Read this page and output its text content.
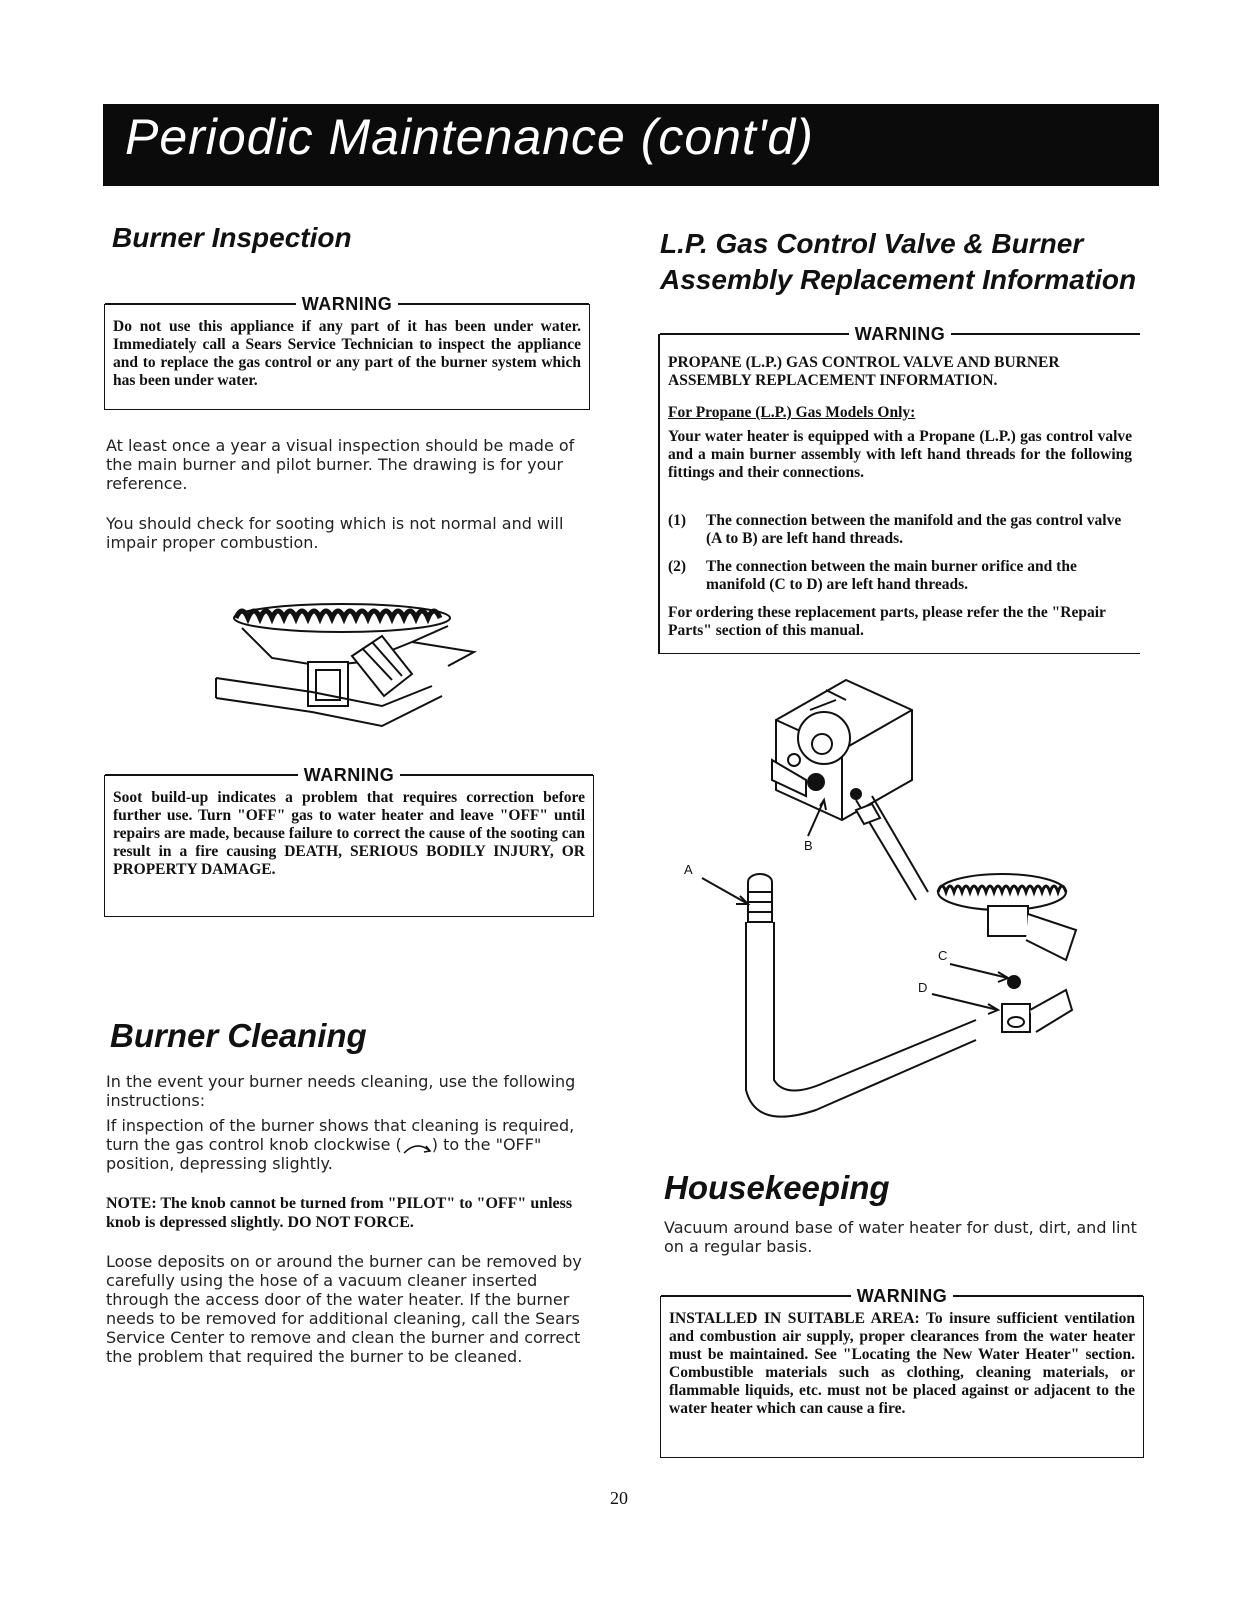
Periodic Maintenance (cont'd)
Burner Inspection
WARNING

Do not use this appliance if any part of it has been under water. Immediately call a Sears Service Technician to inspect the appliance and to replace the gas control or any part of the burner system which has been under water.

At least once a year a visual inspection should be made of the main burner and pilot burner. The drawing is for your reference.

You should check for sooting which is not normal and will impair proper combustion.

WARNING

Soot build-up indicates a problem that requires correction before further use. Turn "OFF" gas to water heater and leave "OFF" until repairs are made, because failure to correct the cause of the sooting can result in a fire causing DEATH, SERIOUS BODILY INJURY, OR PROPERTY DAMAGE.

Burner Cleaning

In the event your burner needs cleaning, use the following instructions:

If inspection of the burner shows that cleaning is required, turn the gas control knob clockwise ( ) to the "OFF" position, depressing slightly.

NOTE: The knob cannot be turned from "PILOT" to "OFF" unless knob is depressed slightly. DO NOT FORCE.

Loose deposits on or around the burner can be removed by carefully using the hose of a vacuum cleaner inserted through the access door of the water heater. If the burner needs to be removed for additional cleaning, call the Sears Service Center to remove and clean the burner and correct the problem that required the burner to be cleaned.

L.P. Gas Control Valve & Burner
Assembly Replacement Information
WARNING

PROPANE (L.P.) GAS CONTROL VALVE AND BURNER ASSEMBLY REPLACEMENT INFORMATION.

For Propane (L.P.) Gas Models Only:

Your water heater is equipped with a Propane (L.P.) gas control valve and a main burner assembly with left hand threads for the following fittings and their connections.

(1)	The connection between the manifold and the gas control valve (A to B) are left hand threads.
(2)	The connection between the main burner orifice and the manifold (C to D) are left hand threads.

For ordering these replacement parts, please refer the the "Repair Parts" section of this manual.

A
B
C
D
Housekeeping

Vacuum around base of water heater for dust, dirt, and lint on a regular basis.

WARNING

INSTALLED IN SUITABLE AREA: To insure sufficient ventilation and combustion air supply, proper clearances from the water heater must be maintained. See "Locating the New Water Heater" section. Combustible materials such as clothing, cleaning materials, or flammable liquids, etc. must not be placed against or adjacent to the water heater which can cause a fire.

20
